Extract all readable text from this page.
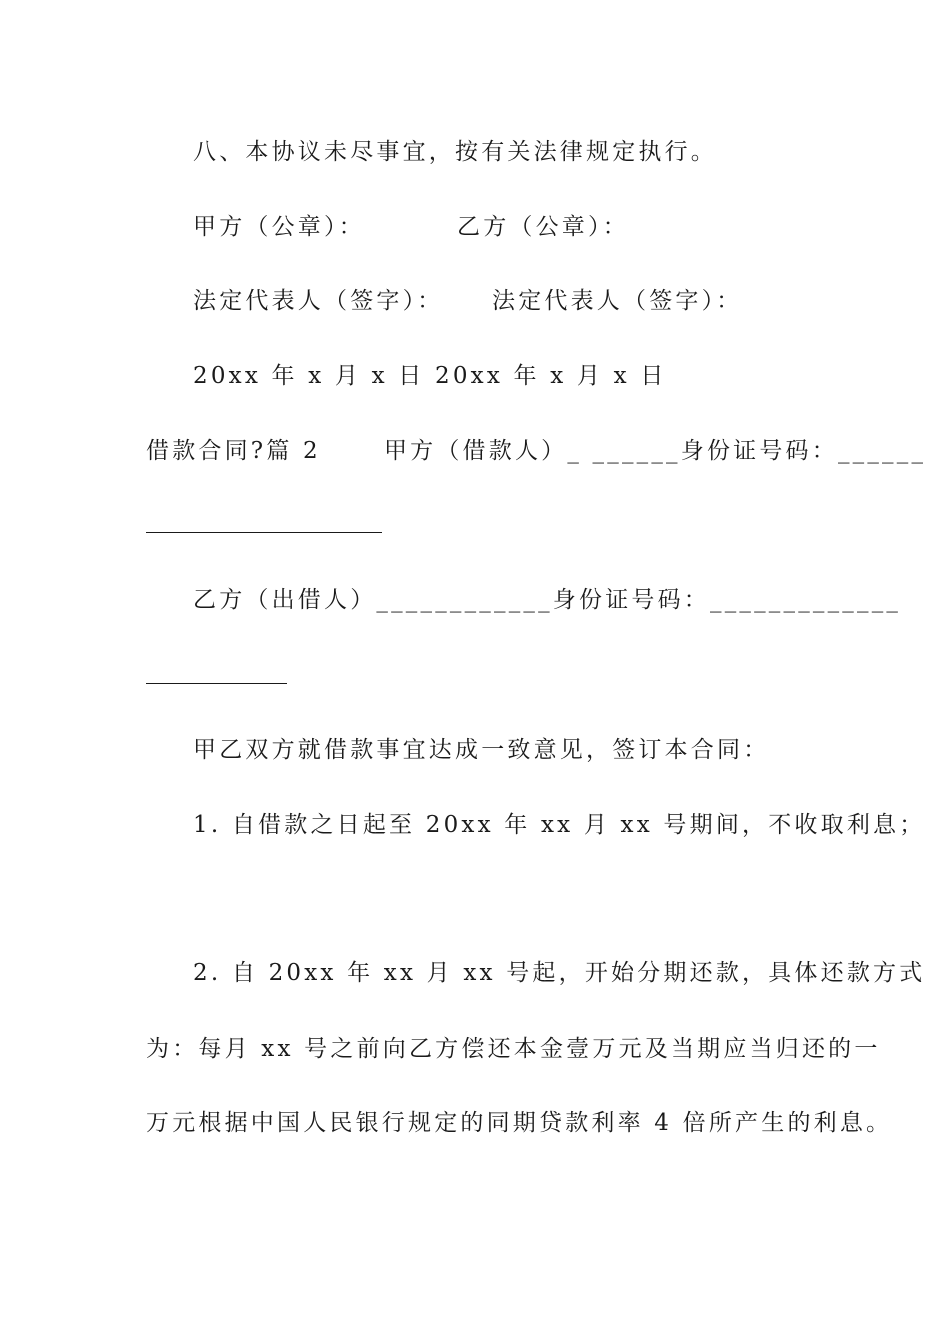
八、本协议未尽事宜，按有关法律规定执行。
甲方（公章）：	乙方（公章）：
法定代表人（签字）： 法定代表人（签字）：
20xx 年 x 月 x 日 20xx 年 x 月 x 日
借款合同?篇 2      甲方（借款人）_ ______身份证号码：______
乙方（出借人）____________身份证号码：_____________
甲乙双方就借款事宜达成一致意见，签订本合同：
1. 自借款之日起至 20xx 年 xx 月 xx 号期间，不收取利息；
2. 自 20xx 年 xx 月 xx 号起，开始分期还款，具体还款方式
为：每月 xx 号之前向乙方偿还本金壹万元及当期应当归还的一
万元根据中国人民银行规定的同期贷款利率 4 倍所产生的利息。
